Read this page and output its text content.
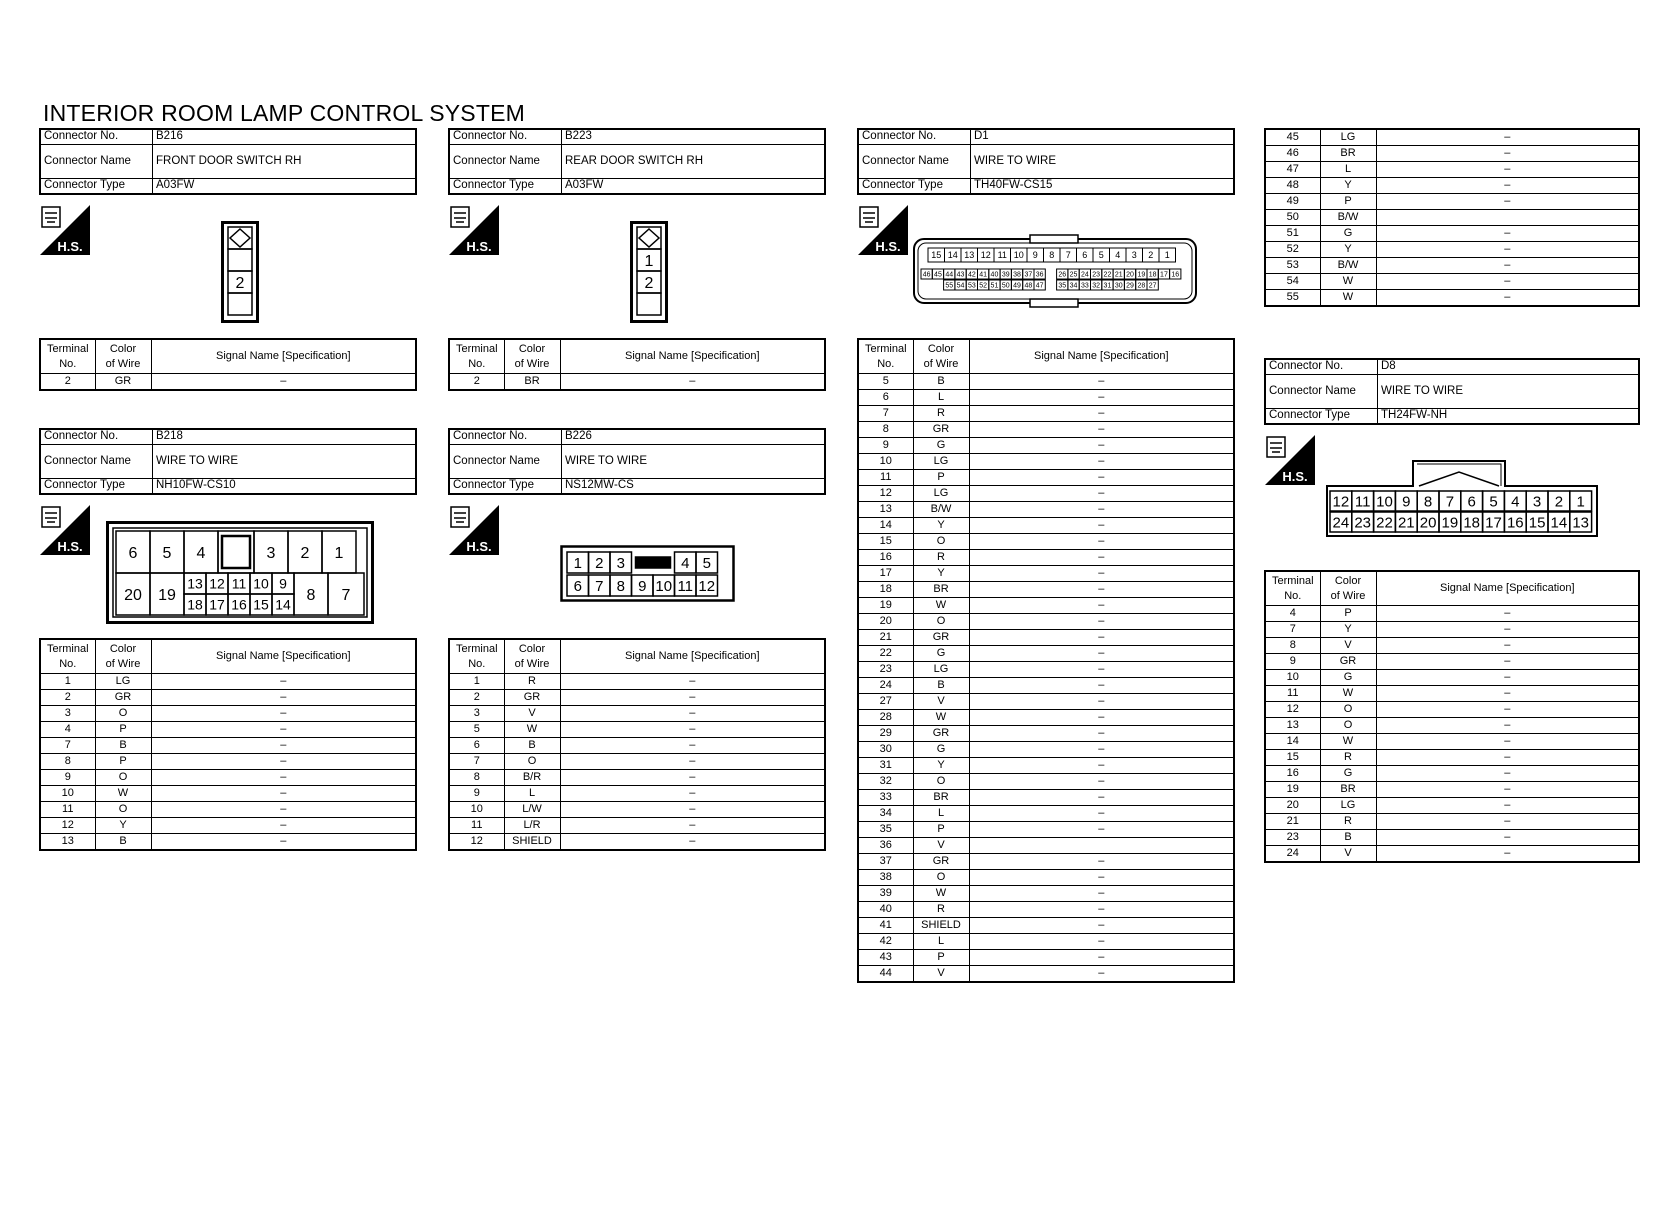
INTERIOR ROOM LAMP CONTROL SYSTEM
Connector No.	B216
Connector Name	FRONT DOOR SWITCH RH
Connector Type	A03FW
Connector No.	B223
Connector Name	REAR DOOR SWITCH RH
Connector Type	A03FW
Connector No.	D1
Connector Name	WIRE TO WIRE
Connector Type	TH40FW-CS15
Connector No.	B218
Connector Name	WIRE TO WIRE
Connector Type	NH10FW-CS10
Connector No.	B226
Connector Name	WIRE TO WIRE
Connector Type	NS12MW-CS
Connector No.	D8
Connector Name	WIRE TO WIRE
Connector Type	TH24FW-NH
H.S.	H.S.	H.S.
H.S.	H.S.
H.S.
2
1
2
15 14 13 12 11 10 9 8 7 6 5 4 3 2 1
46 45 44 43 42 41 40 39 38 37 36 26 25 24 23 22 21 20 19 18 17 16
55 54 53 52 51 50 49 48 47 35 34 33 32 31 30 29 28 27
6 5 4	3 2 1
20 19
13 12 11 10 9
18 17 16 15 14
8 7
1 2 3	4 5
6 7 8 9 10 11 12
12 11 10 9 8 7 6 5 4 3 2 1
24 23 22 21 20 19 18 17 16 15 14 13
Terminal
No.	Color
of Wire	Signal Name [Specification]
2	GR	–
Terminal
No.	Color
of Wire	Signal Name [Specification]
2	BR	–
Terminal
No.	Color
of Wire	Signal Name [Specification]
1	LG	–
2	GR	–
3	O	–
4	P	–
7	B	–
8	P	–
9	O	–
10	W	–
11	O	–
12	Y	–
13	B	–
Terminal
No.	Color
of Wire	Signal Name [Specification]
1	R	–
2	GR	–
3	V	–
5	W	–
6	B	–
7	O	–
8	B/R	–
9	L	–
10	L/W	–
11	L/R	–
12	SHIELD	–
Terminal
No.	Color
of Wire	Signal Name [Specification]
5	B	–
6	L	–
7	R	–
8	GR	–
9	G	–
10	LG	–
11	P	–
12	LG	–
13	B/W	–
14	Y	–
15	O	–
16	R	–
17	Y	–
18	BR	–
19	W	–
20	O	–
21	GR	–
22	G	–
23	LG	–
24	B	–
27	V	–
28	W	–
29	GR	–
30	G	–
31	Y	–
32	O	–
33	BR	–
34	L	–
35	P	–
36	V	
37	GR	–
38	O	–
39	W	–
40	R	–
41	SHIELD	–
42	L	–
43	P	–
44	V	–
45	LG	–
46	BR	–
47	L	–
48	Y	–
49	P	–
50	B/W	
51	G	–
52	Y	–
53	B/W	–
54	W	–
55	W	–
Terminal
No.	Color
of Wire	Signal Name [Specification]
4	P	–
7	Y	–
8	V	–
9	GR	–
10	G	–
11	W	–
12	O	–
13	O	–
14	W	–
15	R	–
16	G	–
19	BR	–
20	LG	–
21	R	–
23	B	–
24	V	–
